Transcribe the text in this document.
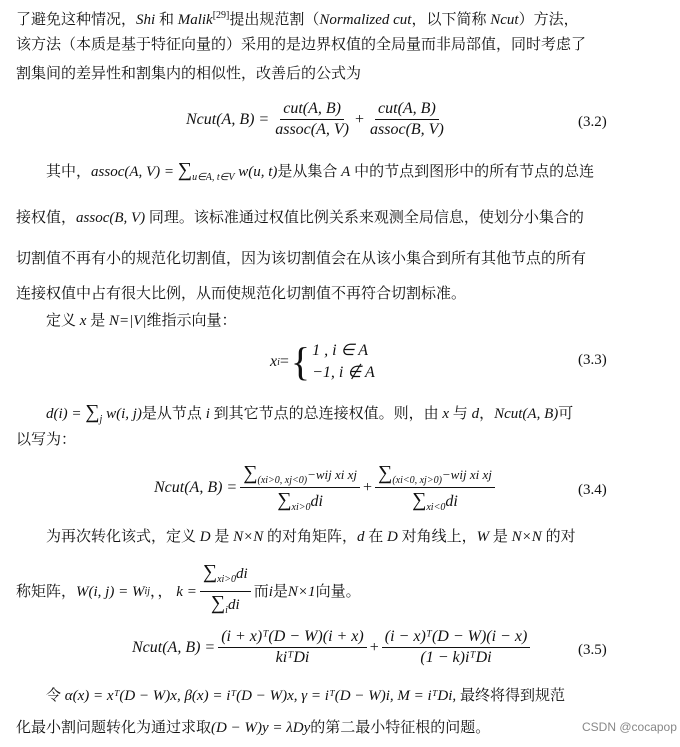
了避免这种情况，Shi 和 Malik[29]提出规范割（Normalized cut，以下简称 Ncut）方法，
该方法（本质是基于特征向量的）采用的是边界权值的全局量而非局部值，同时考虑了
割集间的差异性和割集内的相似性，改善后的公式为
Ncut(A, $B) = \frac{\text{cut(A, B)}}{\text{assoc(A, V)}} + \frac{\text{cut(A, B)}}{\text{assoc(B, V)}}$	(3.2)
其中，assoc(A, $V) = \sum_{u\in A, t\in V}$ w(u, t)是从集合 A 中的节点到图形中的所有节点的总连
接权值，assoc(B, V) 同理。该标准通过权值比例关系来观测全局信息，使划分小集合的
切割值不再有小的规范化切割值，因为该切割值会在从该小集合到所有其他节点的所有
连接权值中占有很大比例，从而使规范化切割值不再符合切割标准。
定义 x 是 N=|V|维指示向量：
x i = { 1 , i ∈ A
−1, i ∉ A
(3.3)
$d(i) = \sum_j$ w(i, j)是从节点 i 到其它节点的总连接权值。则，由 x 与 d，Ncut(A, B)可
以写为：
Ncut(A, $B) = \frac{\sum_{(xi>0, xj<0)}-wij xi xj}{\sum_{xi>0}di} + \frac{\sum_{(xi<0, xj>0)}-wij xi xj}{\sum_{xi<0}di}$	(3.4)
为再次转化该式，定义 D 是 N×N 的对角矩阵，d 在 D 对角线上，W 是 N×N 的对
称矩阵， W(i, j) = W ij ，，
$k = \frac{\sum_{xi>0}di}{\sum_idi}$ 而 i 是 N×1 向量。
Ncut(A, $B) = \frac{\text{(i + x)ᵀ(D − W)(i + x)}}{\text{kiᵀDi}} + \frac{\text{(i − x)ᵀ(D − W)(i − x)}}{\text{(1 − k)iᵀDi}}$	(3.5)
令 α(x) = xᵀ(D − W)x, β(x) = iᵀ(D − W)x, γ = iᵀ(D − W)i, M = iᵀDi, 最终将得到规范
化最小割问题转化为通过求取(D − W)y = λDy的第二最小特征根的问题。	CSDN @cocapop
